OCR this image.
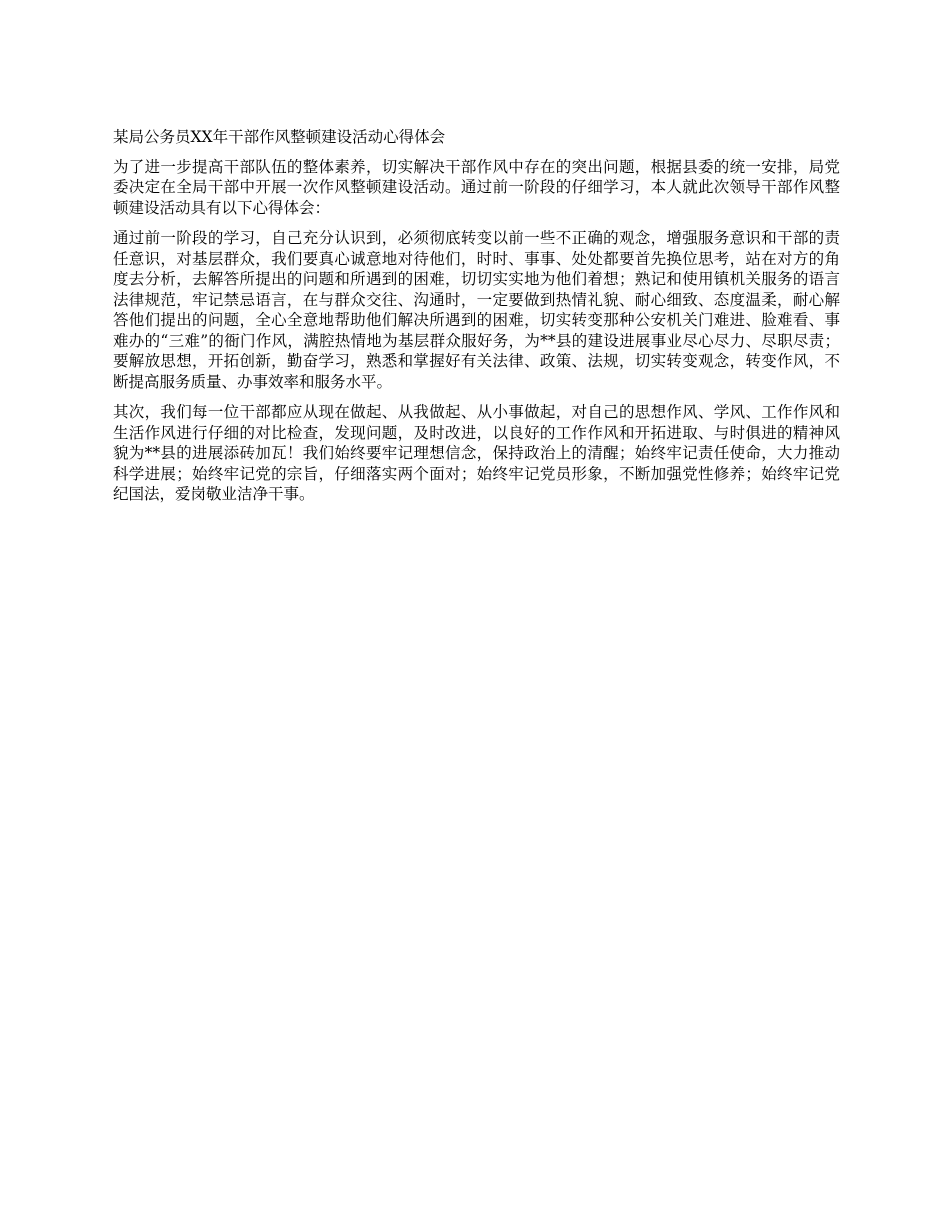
某局公务员XX年干部作风整顿建设活动心得体会

为了进一步提高干部队伍的整体素养，切实解决干部作风中存在的突出问题，根据县委的统一安排，局党委决定在全局干部中开展一次作风整顿建设活动。通过前一阶段的仔细学习，本人就此次领导干部作风整顿建设活动具有以下心得体会：

通过前一阶段的学习，自己充分认识到，必须彻底转变以前一些不正确的观念，增强服务意识和干部的责任意识，对基层群众，我们要真心诚意地对待他们，时时、事事、处处都要首先换位思考，站在对方的角度去分析，去解答所提出的问题和所遇到的困难，切切实实地为他们着想；熟记和使用镇机关服务的语言法律规范，牢记禁忌语言，在与群众交往、沟通时，一定要做到热情礼貌、耐心细致、态度温柔，耐心解答他们提出的问题，全心全意地帮助他们解决所遇到的困难，切实转变那种公安机关门难进、脸难看、事难办的“三难”的衙门作风，满腔热情地为基层群众服好务，为**县的建设进展事业尽心尽力、尽职尽责；要解放思想，开拓创新，勤奋学习，熟悉和掌握好有关法律、政策、法规，切实转变观念，转变作风，不断提高服务质量、办事效率和服务水平。

其次，我们每一位干部都应从现在做起、从我做起、从小事做起，对自己的思想作风、学风、工作作风和生活作风进行仔细的对比检查，发现问题，及时改进，以良好的工作作风和开拓进取、与时俱进的精神风貌为**县的进展添砖加瓦！我们始终要牢记理想信念，保持政治上的清醒；始终牢记责任使命，大力推动科学进展；始终牢记党的宗旨，仔细落实两个面对；始终牢记党员形象，不断加强党性修养；始终牢记党纪国法，爱岗敬业洁净干事。
